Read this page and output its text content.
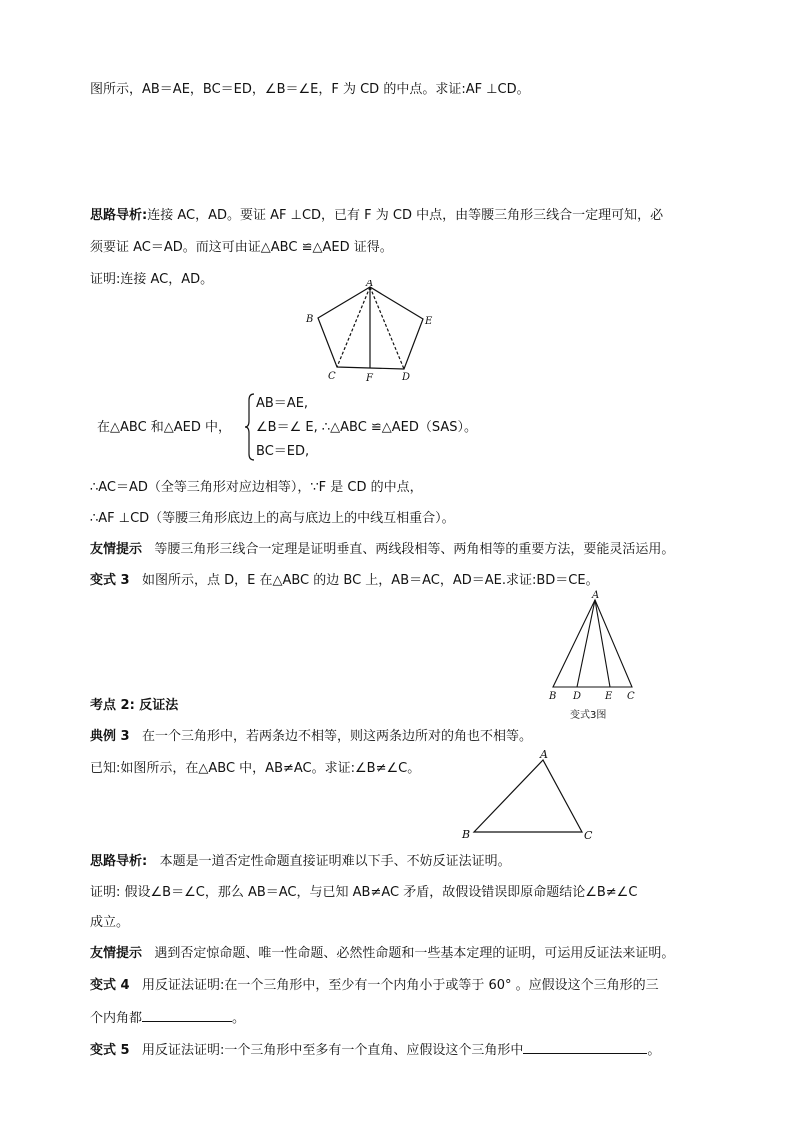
图所示，AB＝AE，BC＝ED，∠B＝∠E，F 为 CD 的中点。求证:AF ⊥CD。
思路导析:连接 AC，AD。要证 AF ⊥CD，已有 F 为 CD 中点，由等腰三角形三线合一定理可知，必
须要证 AC＝AD。而这可由证△ABC ≌△AED 证得。
证明:连接 AC，AD。	A
B
C	D
E
F
在△ABC 和△AED 中，
AB＝AE,
∠B＝∠ E, ∴△ABC ≌△AED（SAS）。
BC＝ED,
∴AC＝AD（全等三角形对应边相等），∵F 是 CD 的中点，
∴AF ⊥CD（等腰三角形底边上的高与底边上的中线互相重合）。
友情提示 等腰三角形三线合一定理是证明垂直、两线段相等、两角相等的重要方法，要能灵活运用。
变式 3 如图所示，点 D，E 在△ABC 的边 BC 上，AB＝AC，AD＝AE.求证:BD＝CE。
A
B D E C
变式3图
考点 2: 反证法
典例 3 在一个三角形中，若两条边不相等，则这两条边所对的角也不相等。
已知:如图所示，在△ABC 中，AB≠AC。求证:∠B≠∠C。
A
B	C
思路导析: 本题是一道否定性命题直接证明难以下手、不妨反证法证明。
证明: 假设∠B＝∠C，那么 AB＝AC，与已知 AB≠AC 矛盾，故假设错误即原命题结论∠B≠∠C
成立。
友情提示 遇到否定惊命题、唯一性命题、必然性命题和一些基本定理的证明，可运用反证法来证明。
变式 4 用反证法证明:在一个三角形中，至少有一个内角小于或等于 60° 。应假设这个三角形的三
个内角都	。
变式 5 用反证法证明:一个三角形中至多有一个直角、应假设这个三角形中	。
